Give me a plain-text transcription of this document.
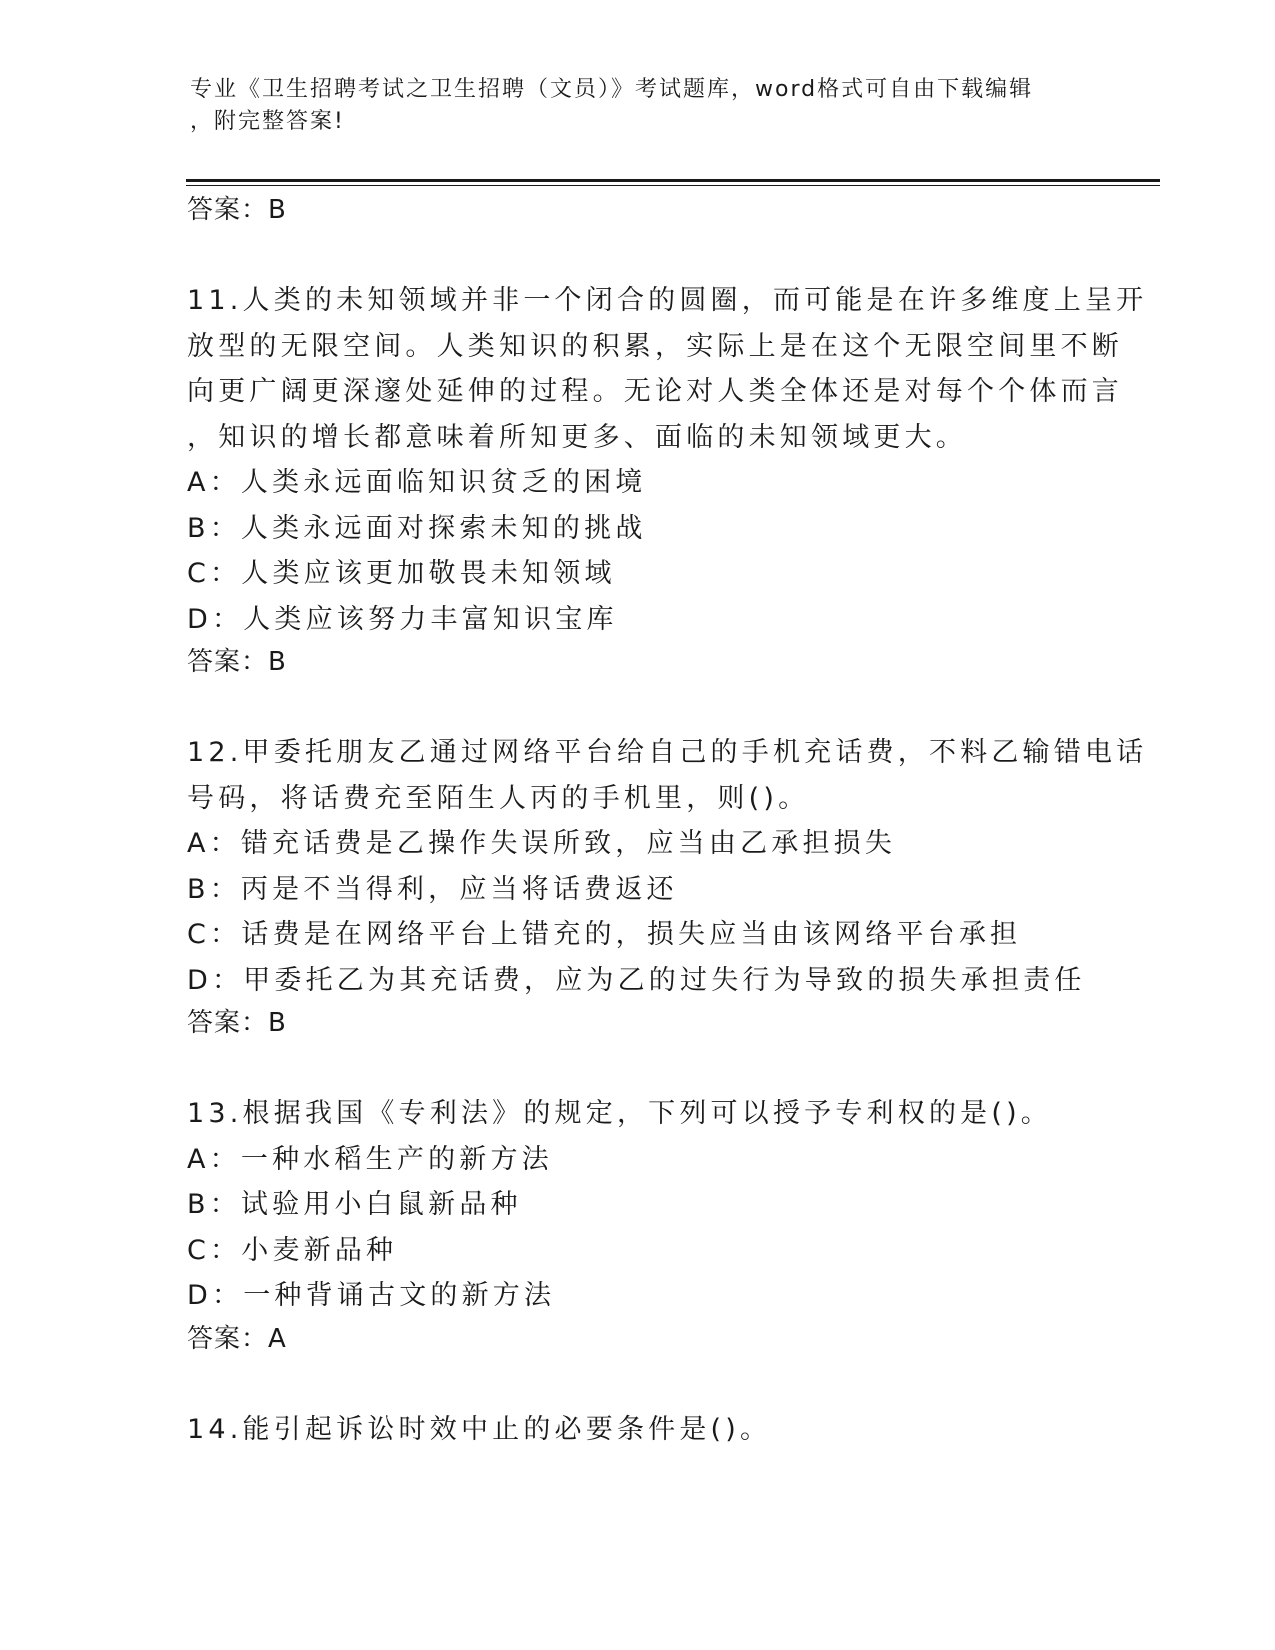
专业《卫生招聘考试之卫生招聘（文员）》考试题库，word格式可自由下载编辑
，附完整答案!
答案：B
11.人类的未知领域并非一个闭合的圆圈，而可能是在许多维度上呈开
放型的无限空间。人类知识的积累，实际上是在这个无限空间里不断
向更广阔更深邃处延伸的过程。无论对人类全体还是对每个个体而言
，知识的增长都意味着所知更多、面临的未知领域更大。
A：人类永远面临知识贫乏的困境
B：人类永远面对探索未知的挑战
C：人类应该更加敬畏未知领域
D：人类应该努力丰富知识宝库
答案：B
12.甲委托朋友乙通过网络平台给自己的手机充话费，不料乙输错电话
号码，将话费充至陌生人丙的手机里，则()。
A：错充话费是乙操作失误所致，应当由乙承担损失
B：丙是不当得利，应当将话费返还
C：话费是在网络平台上错充的，损失应当由该网络平台承担
D：甲委托乙为其充话费，应为乙的过失行为导致的损失承担责任
答案：B
13.根据我国《专利法》的规定，下列可以授予专利权的是()。
A：一种水稻生产的新方法
B：试验用小白鼠新品种
C：小麦新品种
D：一种背诵古文的新方法
答案：A
14.能引起诉讼时效中止的必要条件是()。
